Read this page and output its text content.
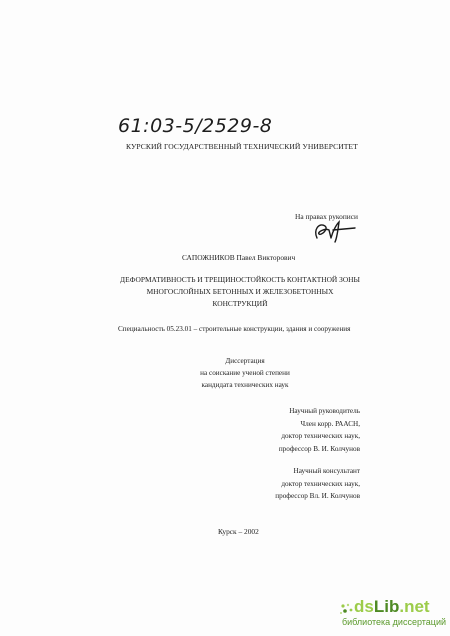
61:03-5/2529-8
КУРСКИЙ ГОСУДАРСТВЕННЫЙ ТЕХНИЧЕСКИЙ УНИВЕРСИТЕТ
На правах рукописи
САПОЖНИКОВ Павел Викторович
ДЕФОРМАТИВНОСТЬ И ТРЕЩИНОСТОЙКОСТЬ КОНТАКТНОЙ ЗОНЫ МНОГОСЛОЙНЫХ БЕТОННЫХ И ЖЕЛЕЗОБЕТОННЫХ КОНСТРУКЦИЙ
Специальность 05.23.01 – строительные конструкции, здания и сооружения
Диссертация
на соискание ученой степени
кандидата технических наук
Научный руководитель
Член корр. РААСН,
доктор технических наук,
профессор В. И. Колчунов
Научный консультант
доктор технических наук,
профессор Вл. И. Колчунов
Курск – 2002
dsLib.net
библиотека диссертаций
